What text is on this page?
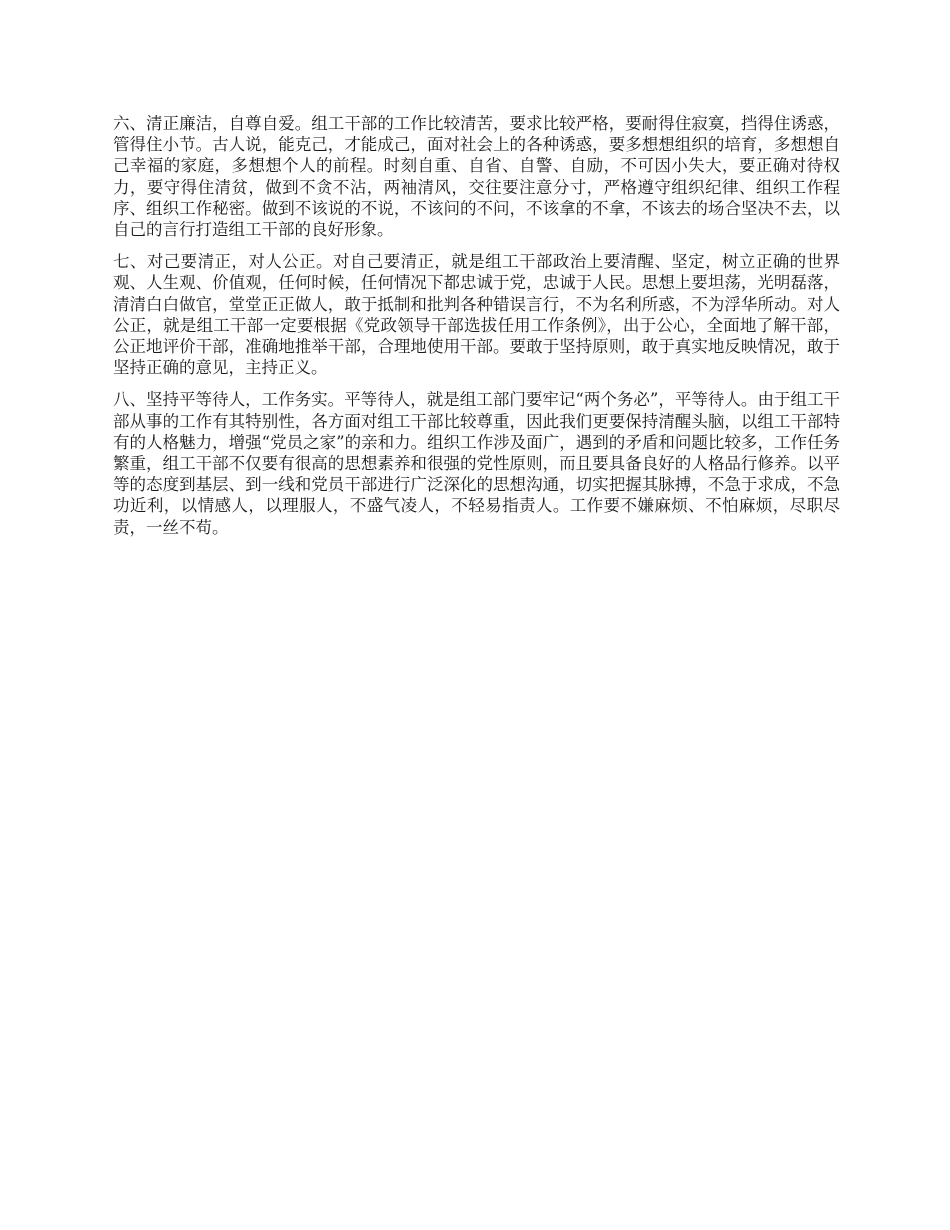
六、清正廉洁，自尊自爱。组工干部的工作比较清苦，要求比较严格，要耐得住寂寞，挡得住诱惑，管得住小节。古人说，能克己，才能成己，面对社会上的各种诱惑，要多想想组织的培育，多想想自己幸福的家庭，多想想个人的前程。时刻自重、自省、自警、自励，不可因小失大，要正确对待权力，要守得住清贫，做到不贪不沾，两袖清风，交往要注意分寸，严格遵守组织纪律、组织工作程序、组织工作秘密。做到不该说的不说，不该问的不问，不该拿的不拿，不该去的场合坚决不去，以自己的言行打造组工干部的良好形象。

七、对己要清正，对人公正。对自己要清正，就是组工干部政治上要清醒、坚定，树立正确的世界观、人生观、价值观，任何时候，任何情况下都忠诚于党，忠诚于人民。思想上要坦荡，光明磊落，清清白白做官，堂堂正正做人，敢于抵制和批判各种错误言行，不为名利所惑，不为浮华所动。对人公正，就是组工干部一定要根据《党政领导干部选拔任用工作条例》，出于公心，全面地了解干部，公正地评价干部，准确地推举干部，合理地使用干部。要敢于坚持原则，敢于真实地反映情况，敢于坚持正确的意见，主持正义。

八、坚持平等待人，工作务实。平等待人，就是组工部门要牢记“两个务必”，平等待人。由于组工干部从事的工作有其特别性，各方面对组工干部比较尊重，因此我们更要保持清醒头脑，以组工干部特有的人格魅力，增强“党员之家”的亲和力。组织工作涉及面广，遇到的矛盾和问题比较多，工作任务繁重，组工干部不仅要有很高的思想素养和很强的党性原则，而且要具备良好的人格品行修养。以平等的态度到基层、到一线和党员干部进行广泛深化的思想沟通，切实把握其脉搏，不急于求成，不急功近利，以情感人，以理服人，不盛气凌人，不轻易指责人。工作要不嫌麻烦、不怕麻烦，尽职尽责，一丝不苟。
